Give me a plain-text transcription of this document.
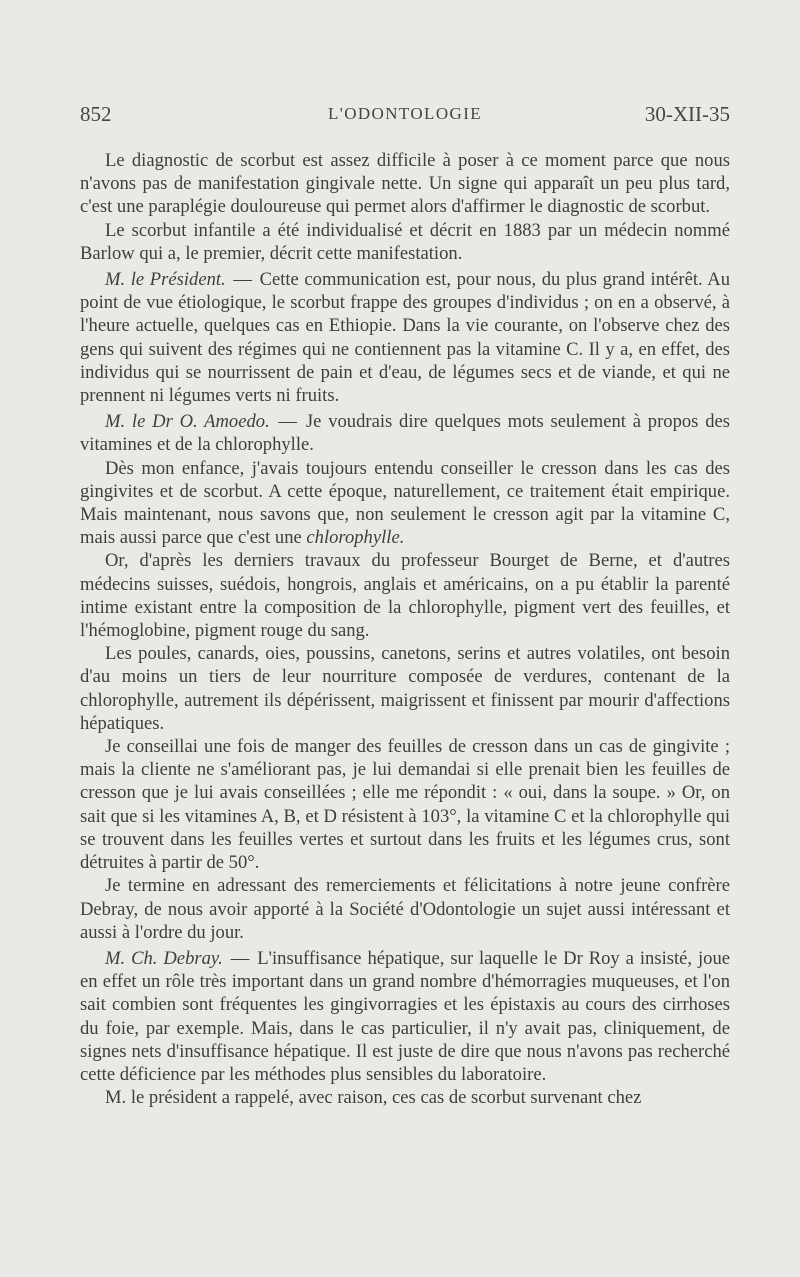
852	L'ODONTOLOGIE	30-XII-35

Le diagnostic de scorbut est assez difficile à poser à ce moment parce que nous n'avons pas de manifestation gingivale nette. Un signe qui apparaît un peu plus tard, c'est une paraplégie douloureuse qui permet alors d'affirmer le diagnostic de scorbut.

Le scorbut infantile a été individualisé et décrit en 1883 par un médecin nommé Barlow qui a, le premier, décrit cette manifestation.

M. le Président. — Cette communication est, pour nous, du plus grand intérêt. Au point de vue étiologique, le scorbut frappe des groupes d'individus ; on en a observé, à l'heure actuelle, quelques cas en Ethiopie. Dans la vie courante, on l'observe chez des gens qui suivent des régimes qui ne contiennent pas la vitamine C. Il y a, en effet, des individus qui se nourrissent de pain et d'eau, de légumes secs et de viande, et qui ne prennent ni légumes verts ni fruits.

M. le Dr O. Amoedo. — Je voudrais dire quelques mots seulement à propos des vitamines et de la chlorophylle.

Dès mon enfance, j'avais toujours entendu conseiller le cresson dans les cas des gingivites et de scorbut. A cette époque, naturellement, ce traitement était empirique. Mais maintenant, nous savons que, non seulement le cresson agit par la vitamine C, mais aussi parce que c'est une chlorophylle.

Or, d'après les derniers travaux du professeur Bourget de Berne, et d'autres médecins suisses, suédois, hongrois, anglais et américains, on a pu établir la parenté intime existant entre la composition de la chlorophylle, pigment vert des feuilles, et l'hémoglobine, pigment rouge du sang.

Les poules, canards, oies, poussins, canetons, serins et autres volatiles, ont besoin d'au moins un tiers de leur nourriture composée de verdures, contenant de la chlorophylle, autrement ils dépérissent, maigrissent et finissent par mourir d'affections hépatiques.

Je conseillai une fois de manger des feuilles de cresson dans un cas de gingivite ; mais la cliente ne s'améliorant pas, je lui demandai si elle prenait bien les feuilles de cresson que je lui avais conseillées ; elle me répondit : « oui, dans la soupe. » Or, on sait que si les vitamines A, B, et D résistent à 103°, la vitamine C et la chlorophylle qui se trouvent dans les feuilles vertes et surtout dans les fruits et les légumes crus, sont détruites à partir de 50°.

Je termine en adressant des remerciements et félicitations à notre jeune confrère Debray, de nous avoir apporté à la Société d'Odontologie un sujet aussi intéressant et aussi à l'ordre du jour.

M. Ch. Debray. — L'insuffisance hépatique, sur laquelle le Dr Roy a insisté, joue en effet un rôle très important dans un grand nombre d'hémorragies muqueuses, et l'on sait combien sont fréquentes les gingivorragies et les épistaxis au cours des cirrhoses du foie, par exemple. Mais, dans le cas particulier, il n'y avait pas, cliniquement, de signes nets d'insuffisance hépatique. Il est juste de dire que nous n'avons pas recherché cette déficience par les méthodes plus sensibles du laboratoire.

M. le président a rappelé, avec raison, ces cas de scorbut survenant chez
